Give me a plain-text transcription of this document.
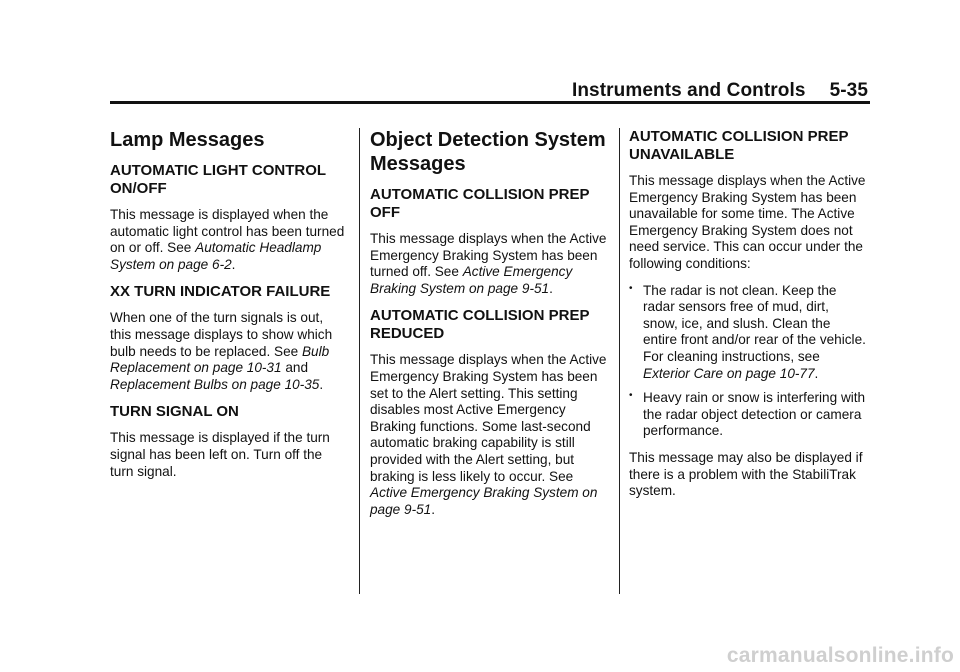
Instruments and Controls 5-35
Lamp Messages
AUTOMATIC LIGHT CONTROL ON/OFF

This message is displayed when the automatic light control has been turned on or off. See Automatic Headlamp System on page 6-2.

XX TURN INDICATOR FAILURE

When one of the turn signals is out, this message displays to show which bulb needs to be replaced. See Bulb Replacement on page 10-31 and Replacement Bulbs on page 10-35.

TURN SIGNAL ON

This message is displayed if the turn signal has been left on. Turn off the turn signal.

Object Detection System Messages
AUTOMATIC COLLISION PREP OFF

This message displays when the Active Emergency Braking System has been turned off. See Active Emergency Braking System on page 9-51.

AUTOMATIC COLLISION PREP REDUCED

This message displays when the Active Emergency Braking System has been set to the Alert setting. This setting disables most Active Emergency Braking functions. Some last-second automatic braking capability is still provided with the Alert setting, but braking is less likely to occur. See Active Emergency Braking System on page 9-51.

AUTOMATIC COLLISION PREP UNAVAILABLE

This message displays when the Active Emergency Braking System has been unavailable for some time. The Active Emergency Braking System does not need service. This can occur under the following conditions:

• The radar is not clean. Keep the radar sensors free of mud, dirt, snow, ice, and slush. Clean the entire front and/or rear of the vehicle. For cleaning instructions, see Exterior Care on page 10-77.
• Heavy rain or snow is interfering with the radar object detection or camera performance.

This message may also be displayed if there is a problem with the StabiliTrak system.

carmanualsonline.info
